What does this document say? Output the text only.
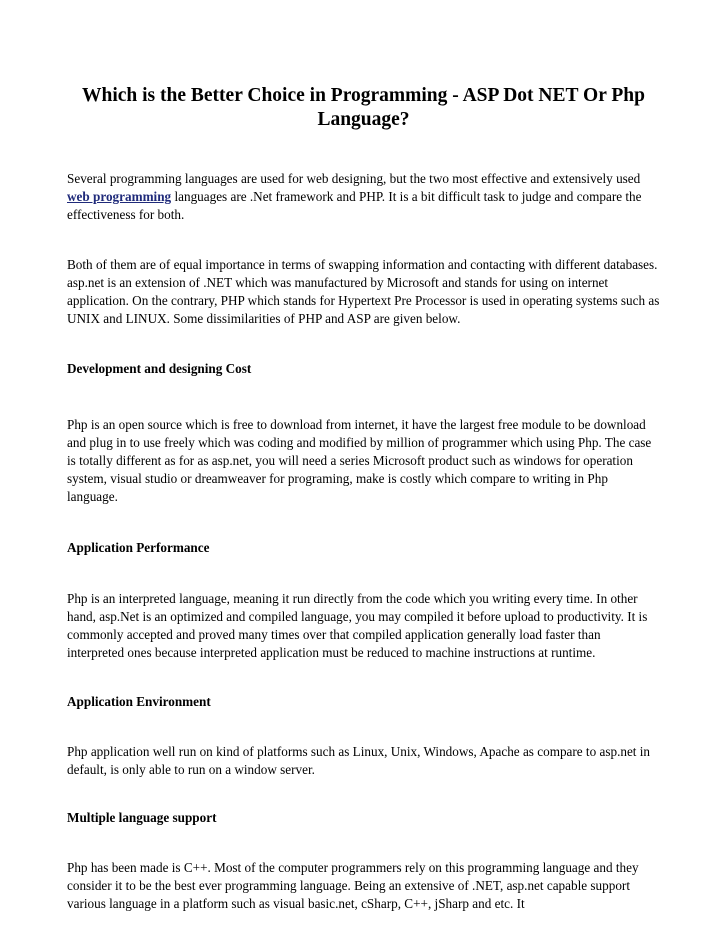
Which is the Better Choice in Programming - ASP Dot NET Or Php Language?

Several programming languages are used for web designing, but the two most effective and extensively used web programming languages are .Net framework and PHP. It is a bit difficult task to judge and compare the effectiveness for both.

Both of them are of equal importance in terms of swapping information and contacting with different databases. asp.net is an extension of .NET which was manufactured by Microsoft and stands for using on internet application. On the contrary, PHP which stands for Hypertext Pre Processor is used in operating systems such as UNIX and LINUX. Some dissimilarities of PHP and ASP are given below.

Development and designing Cost

Php is an open source which is free to download from internet, it have the largest free module to be download and plug in to use freely which was coding and modified by million of programmer which using Php. The case is totally different as for as asp.net, you will need a series Microsoft product such as windows for operation system, visual studio or dreamweaver for programing, make is costly which compare to writing in Php language.

Application Performance

Php is an interpreted language, meaning it run directly from the code which you writing every time. In other hand, asp.Net is an optimized and compiled language, you may compiled it before upload to productivity. It is commonly accepted and proved many times over that compiled application generally load faster than interpreted ones because interpreted application must be reduced to machine instructions at runtime.

Application Environment

Php application well run on kind of platforms such as Linux, Unix, Windows, Apache as compare to asp.net in default, is only able to run on a window server.

Multiple language support

Php has been made is C++. Most of the computer programmers rely on this programming language and they consider it to be the best ever programming language. Being an extensive of .NET, asp.net capable support various language in a platform such as visual basic.net, cSharp, C++, jSharp and etc. It
